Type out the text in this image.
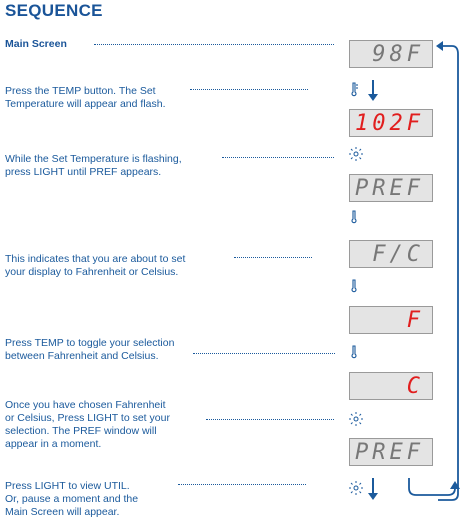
SEQUENCE
Main Screen
Press the TEMP button. The Set
Temperature will appear and flash.
While the Set Temperature is flashing,
press LIGHT until PREF appears.
This indicates that you are about to set
your display to Fahrenheit or Celsius.
Press TEMP to toggle your selection
between Fahrenheit and Celsius.
Once you have chosen Fahrenheit
or Celsius, Press LIGHT to set your
selection. The PREF window will
appear in a moment.
Press LIGHT to view UTIL.
Or, pause a moment and the
Main Screen will appear.
98F
102F
PREF
F/C
F
C
PREF
